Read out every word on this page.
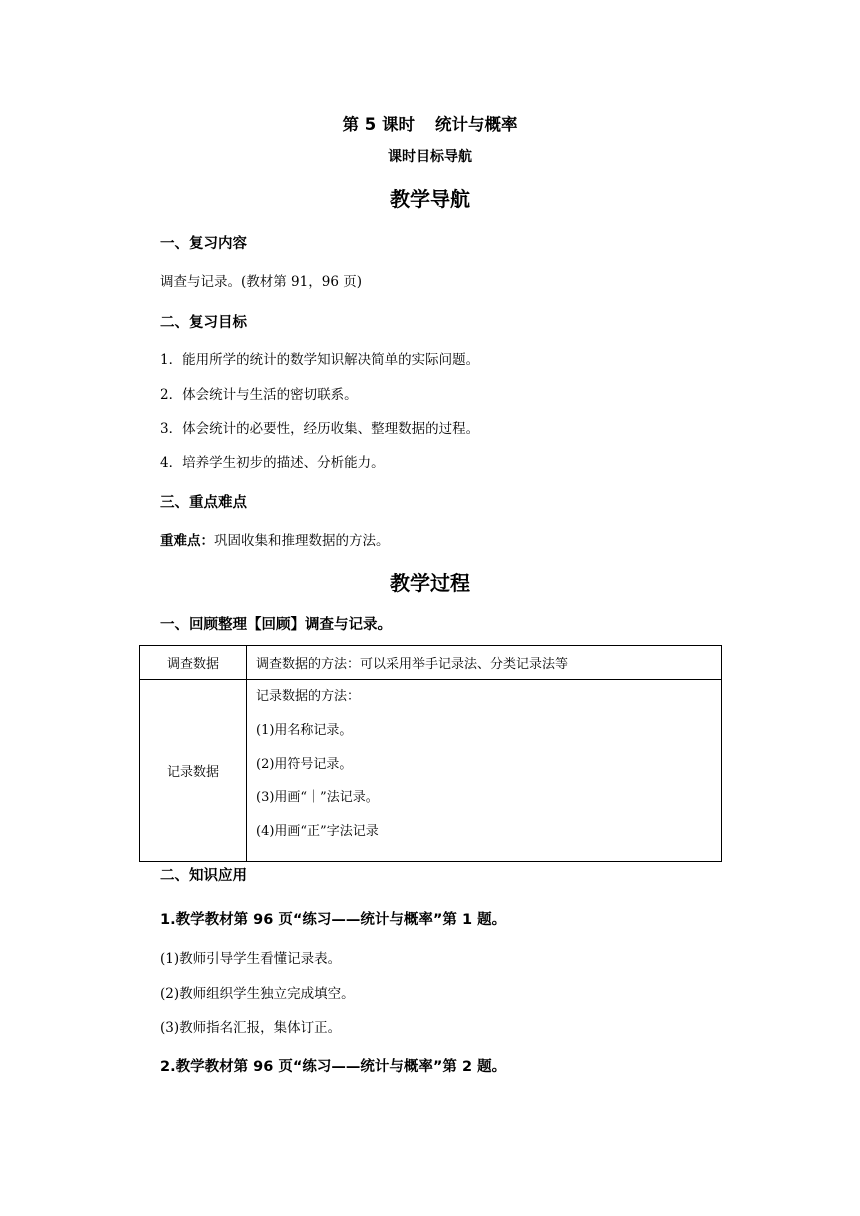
第 5 课时 统计与概率
课时目标导航
教学导航
一、复习内容
调查与记录。(教材第 91，96 页)
二、复习目标
1．能用所学的统计的数学知识解决简单的实际问题。
2．体会统计与生活的密切联系。
3．体会统计的必要性，经历收集、整理数据的过程。
4．培养学生初步的描述、分析能力。
三、重点难点
重难点：巩固收集和推理数据的方法。
教学过程
一、回顾整理【回顾】调查与记录。
调查数据	调查数据的方法：可以采用举手记录法、分类记录法等
记录数据	记录数据的方法：
(1)用名称记录。
(2)用符号记录。
(3)用画“｜”法记录。
(4)用画“正”字法记录
二、知识应用
1.教学教材第 96 页“练习——统计与概率”第 1 题。
(1)教师引导学生看懂记录表。
(2)教师组织学生独立完成填空。
(3)教师指名汇报，集体订正。
2.教学教材第 96 页“练习——统计与概率”第 2 题。
